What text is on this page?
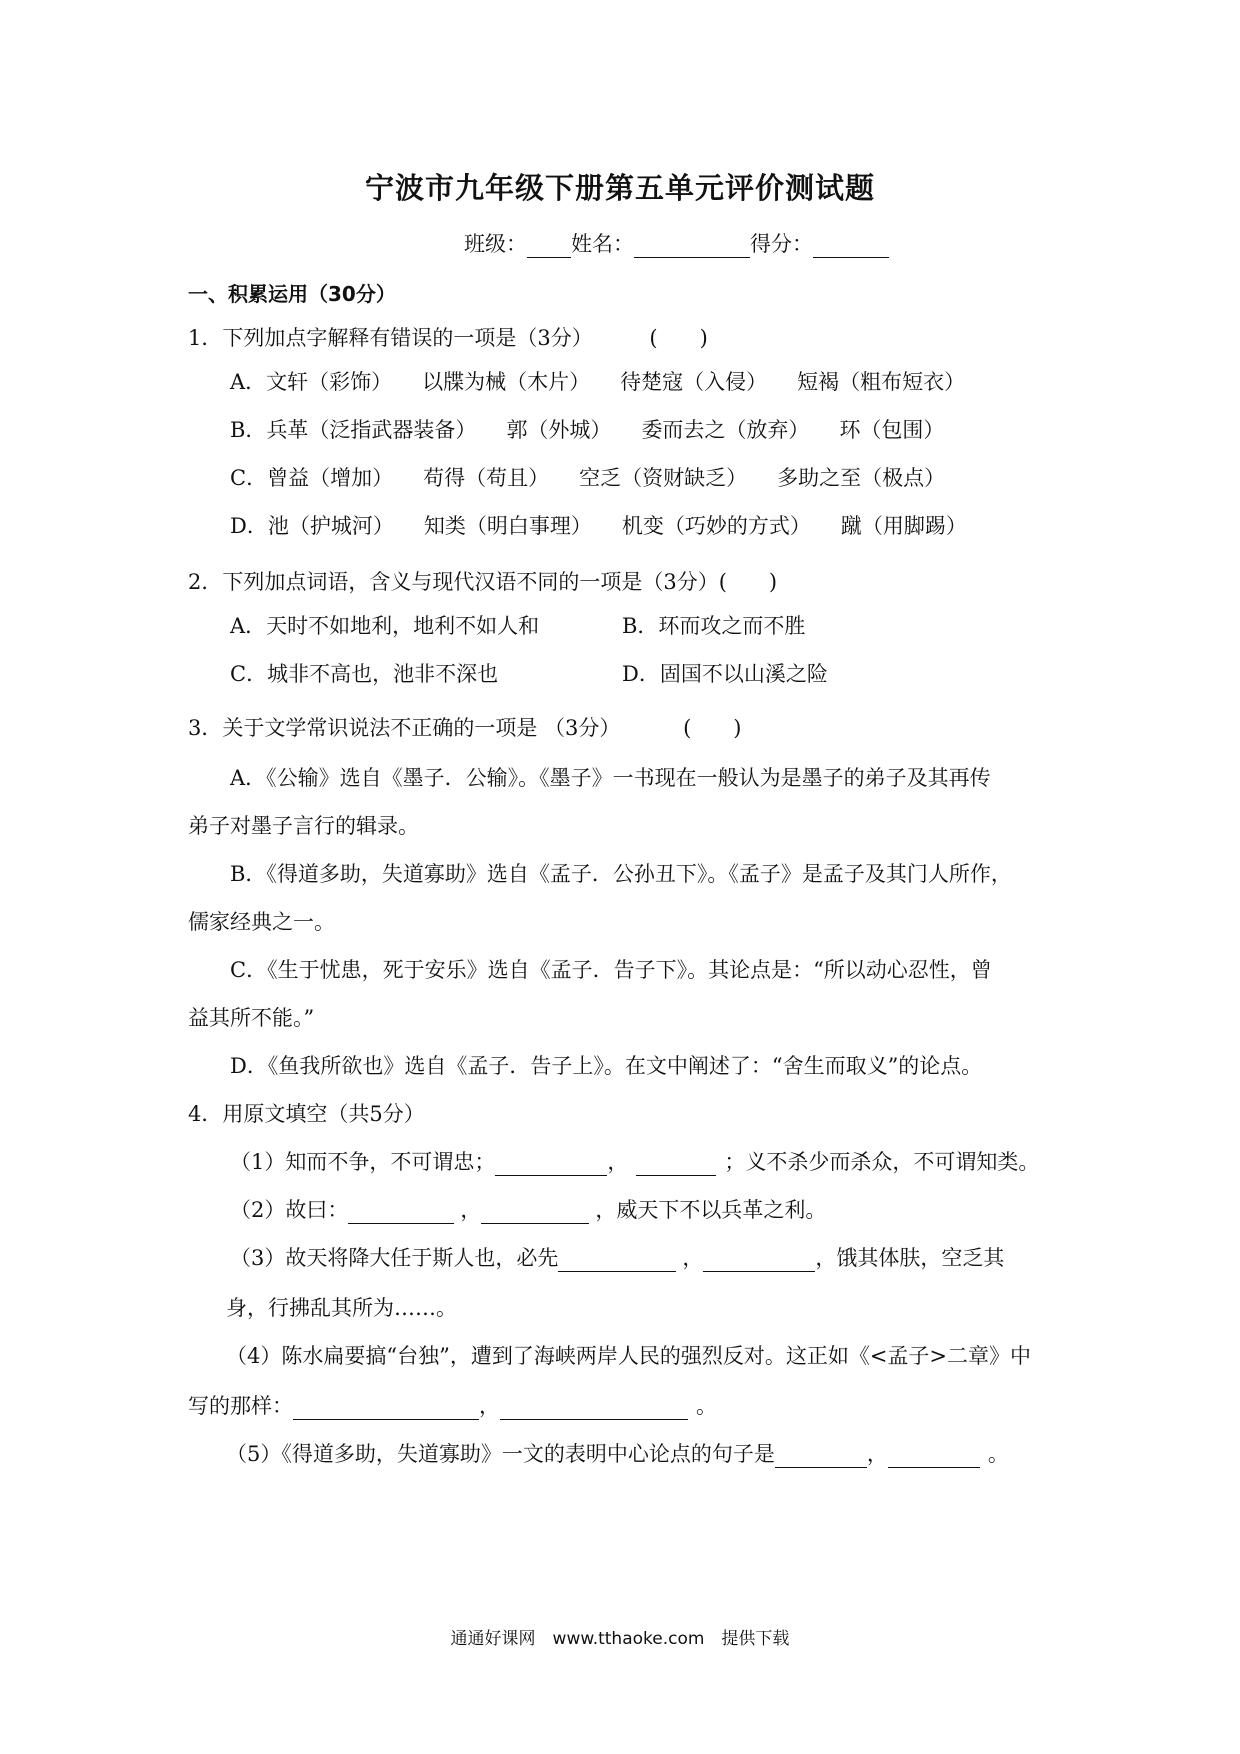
宁波市九年级下册第五单元评价测试题
班级： 姓名：	得分：
一、积累运用（30分）
1．下列加点字解释有错误的一项是（3分）	(　　)
A．文轩（彩饰） 以牒为械（木片） 待楚寇（入侵） 短褐（粗布短衣）
B．兵革（泛指武器装备） 郭（外城） 委而去之（放弃） 环（包围）
C．曾益（增加） 苟得（苟且） 空乏（资财缺乏） 多助之至（极点）
D．池（护城河） 知类（明白事理） 机变（巧妙的方式） 蹴（用脚踢）
2．下列加点词语，含义与现代汉语不同的一项是（3分）(　　)
A．天时不如地利，地利不如人和	B．环而攻之而不胜
C．城非不高也，池非不深也	D．固国不以山溪之险
3．关于文学常识说法不正确的一项是 （3分）	(　　)
A．《公输》选自《墨子．公输》。《墨子》一书现在一般认为是墨子的弟子及其再传
弟子对墨子言行的辑录。
B．《得道多助，失道寡助》选自《孟子．公孙丑下》。《孟子》是孟子及其门人所作，
儒家经典之一。
C．《生于忧患，死于安乐》选自《孟子．告子下》。其论点是：“所以动心忍性，曾
益其所不能。”
D．《鱼我所欲也》选自《孟子．告子上》。在文中阐述了：“舍生而取义”的论点。
4．用原文填空（共5分）
（1）知而不争，不可谓忠；	，	；义不杀少而杀众，不可谓知类。
（2）故曰：	，	，威天下不以兵革之利。
（3）故天将降大任于斯人也，必先	，	，饿其体肤，空乏其
身，行拂乱其所为……。
（4）陈水扁要搞“台独”，遭到了海峡两岸人民的强烈反对。这正如《<孟子>二章》中
写的那样：	，	。
（5）《得道多助，失道寡助》一文的表明中心论点的句子是	，	。
通通好课网　www.tthaoke.com　提供下载
